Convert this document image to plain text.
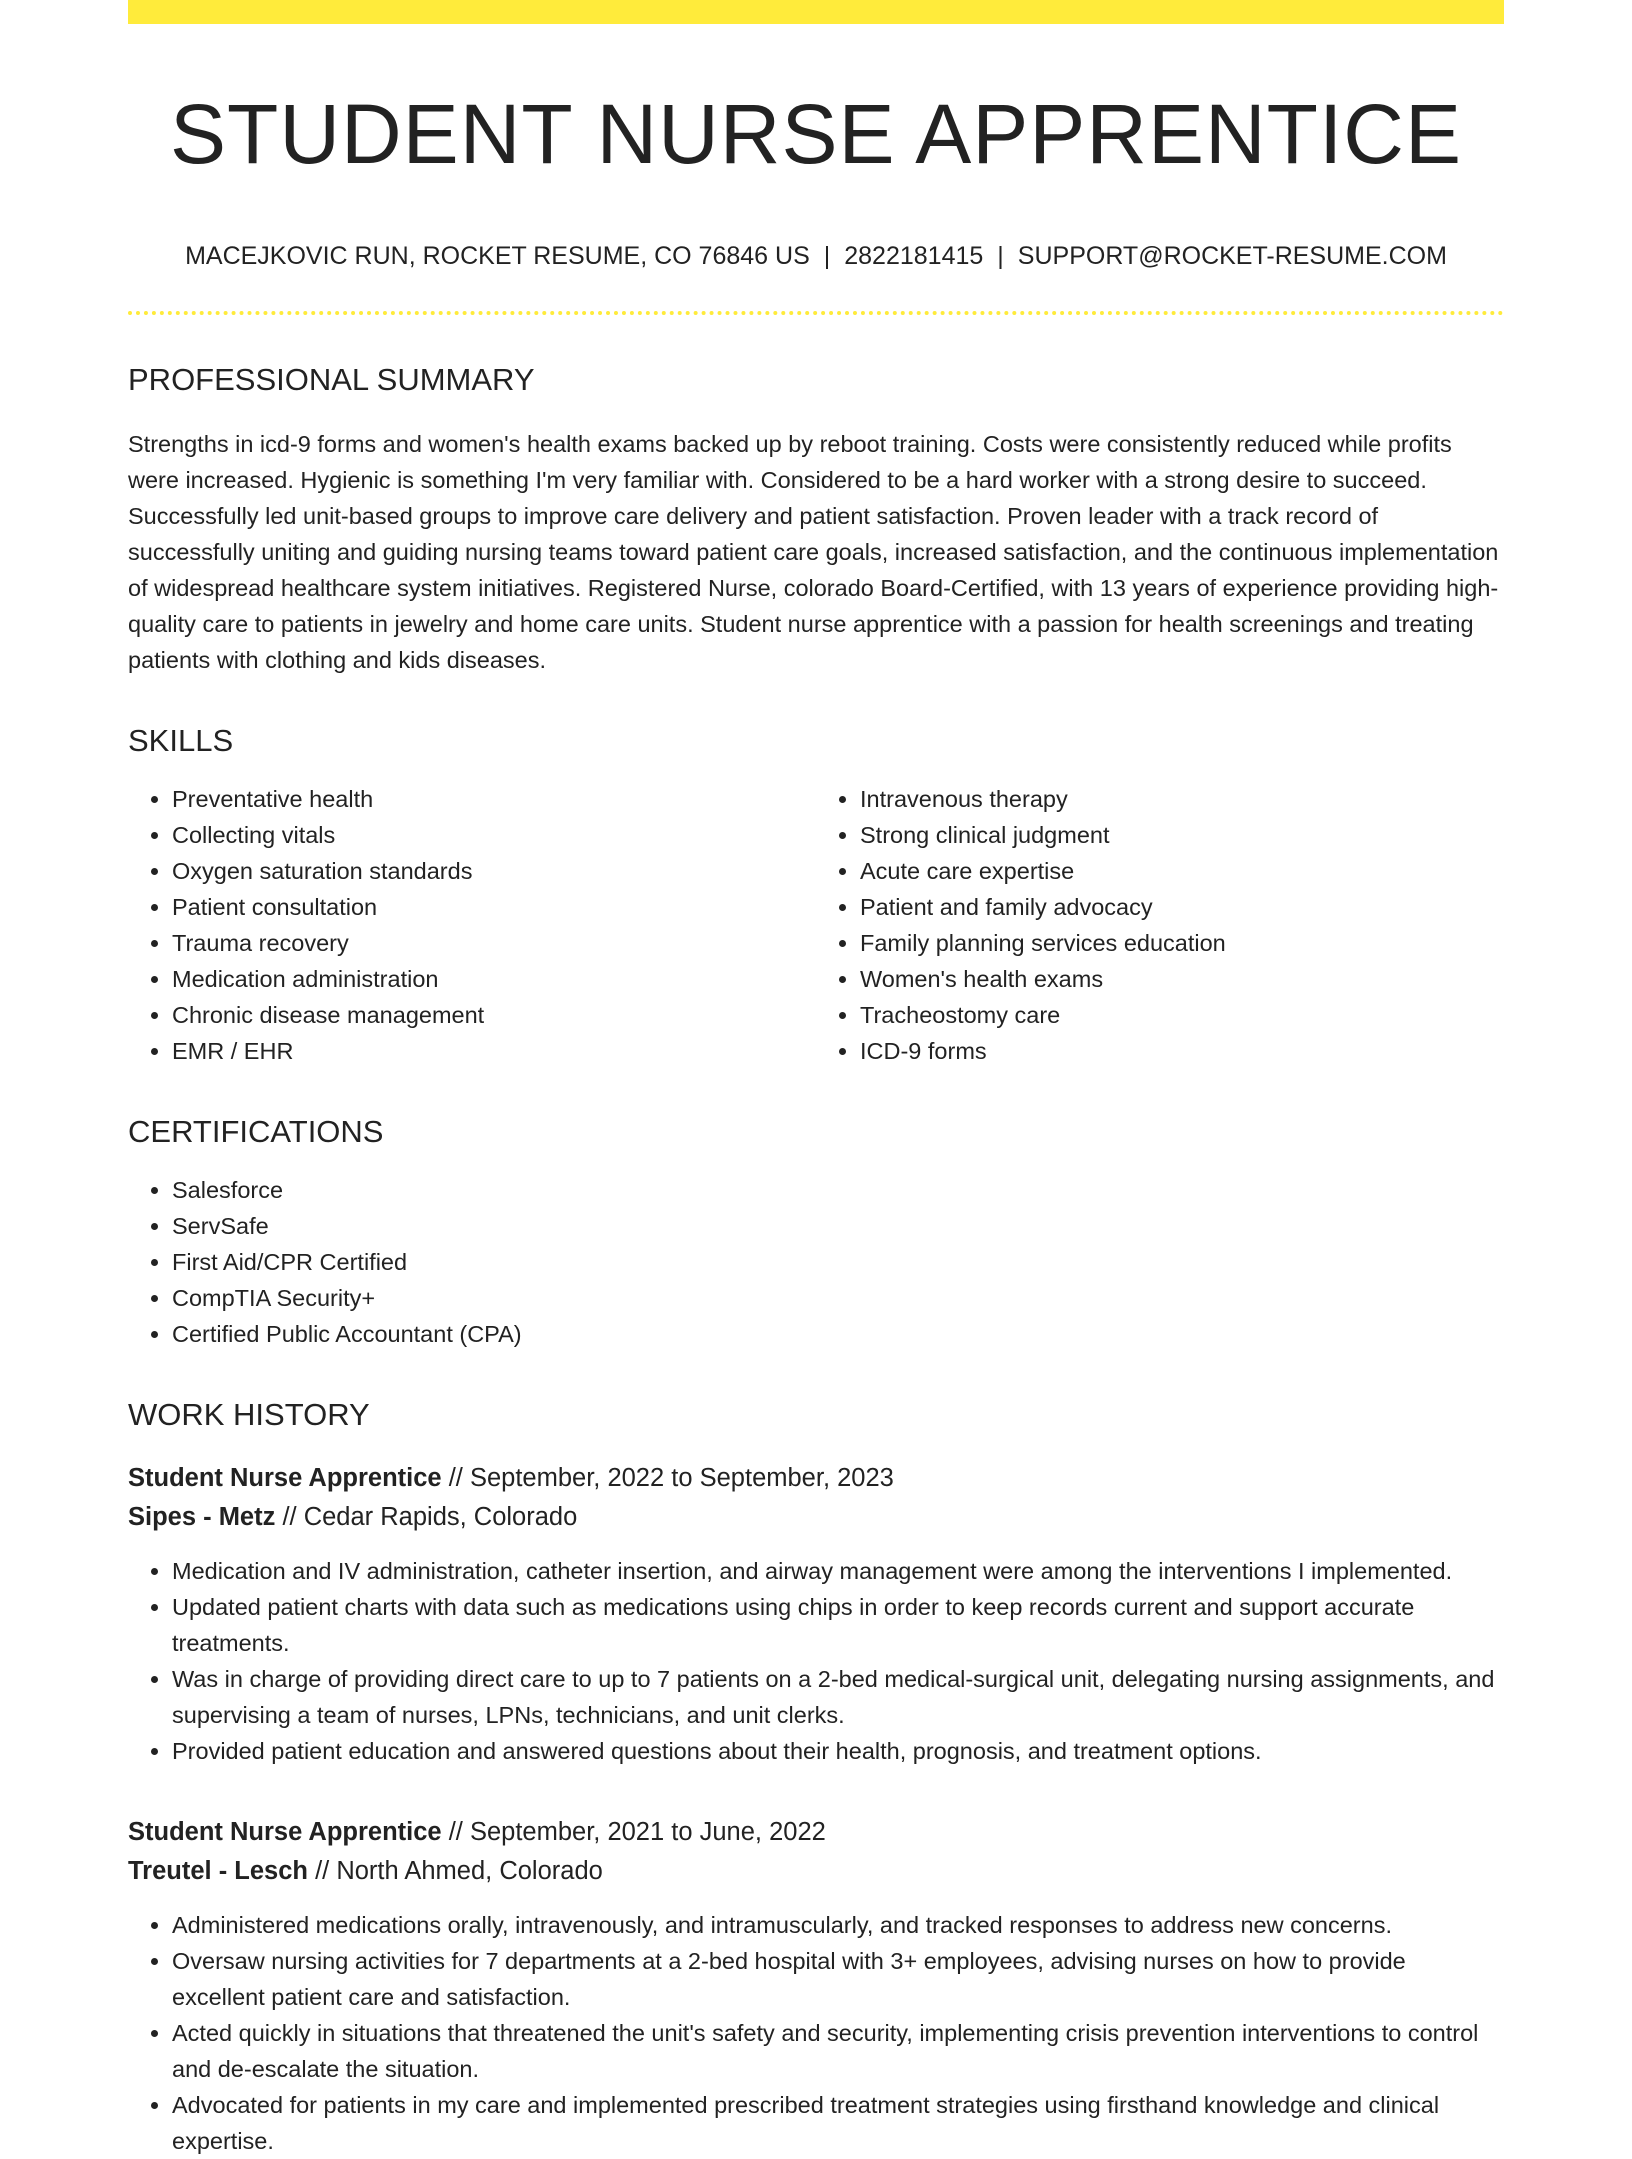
STUDENT NURSE APPRENTICE
MACEJKOVIC RUN, ROCKET RESUME, CO 76846 US | 2822181415 | SUPPORT@ROCKET-RESUME.COM
PROFESSIONAL SUMMARY

Strengths in icd-9 forms and women's health exams backed up by reboot training. Costs were consistently reduced while profits were increased. Hygienic is something I'm very familiar with. Considered to be a hard worker with a strong desire to succeed. Successfully led unit-based groups to improve care delivery and patient satisfaction. Proven leader with a track record of successfully uniting and guiding nursing teams toward patient care goals, increased satisfaction, and the continuous implementation of widespread healthcare system initiatives. Registered Nurse, colorado Board-Certified, with 13 years of experience providing high-quality care to patients in jewelry and home care units. Student nurse apprentice with a passion for health screenings and treating patients with clothing and kids diseases.

SKILLS
• Preventative health
• Collecting vitals
• Oxygen saturation standards
• Patient consultation
• Trauma recovery
• Medication administration
• Chronic disease management
• EMR / EHR
• Intravenous therapy
• Strong clinical judgment
• Acute care expertise
• Patient and family advocacy
• Family planning services education
• Women's health exams
• Tracheostomy care
• ICD-9 forms
CERTIFICATIONS
• Salesforce
• ServSafe
• First Aid/CPR Certified
• CompTIA Security+
• Certified Public Accountant (CPA)
WORK HISTORY
Student Nurse Apprentice // September, 2022 to September, 2023
Sipes - Metz // Cedar Rapids, Colorado
• Medication and IV administration, catheter insertion, and airway management were among the interventions I implemented.
• Updated patient charts with data such as medications using chips in order to keep records current and support accurate treatments.
• Was in charge of providing direct care to up to 7 patients on a 2-bed medical-surgical unit, delegating nursing assignments, and supervising a team of nurses, LPNs, technicians, and unit clerks.
• Provided patient education and answered questions about their health, prognosis, and treatment options.
Student Nurse Apprentice // September, 2021 to June, 2022
Treutel - Lesch // North Ahmed, Colorado
• Administered medications orally, intravenously, and intramuscularly, and tracked responses to address new concerns.
• Oversaw nursing activities for 7 departments at a 2-bed hospital with 3+ employees, advising nurses on how to provide excellent patient care and satisfaction.
• Acted quickly in situations that threatened the unit's safety and security, implementing crisis prevention interventions to control and de-escalate the situation.
• Advocated for patients in my care and implemented prescribed treatment strategies using firsthand knowledge and clinical expertise.
